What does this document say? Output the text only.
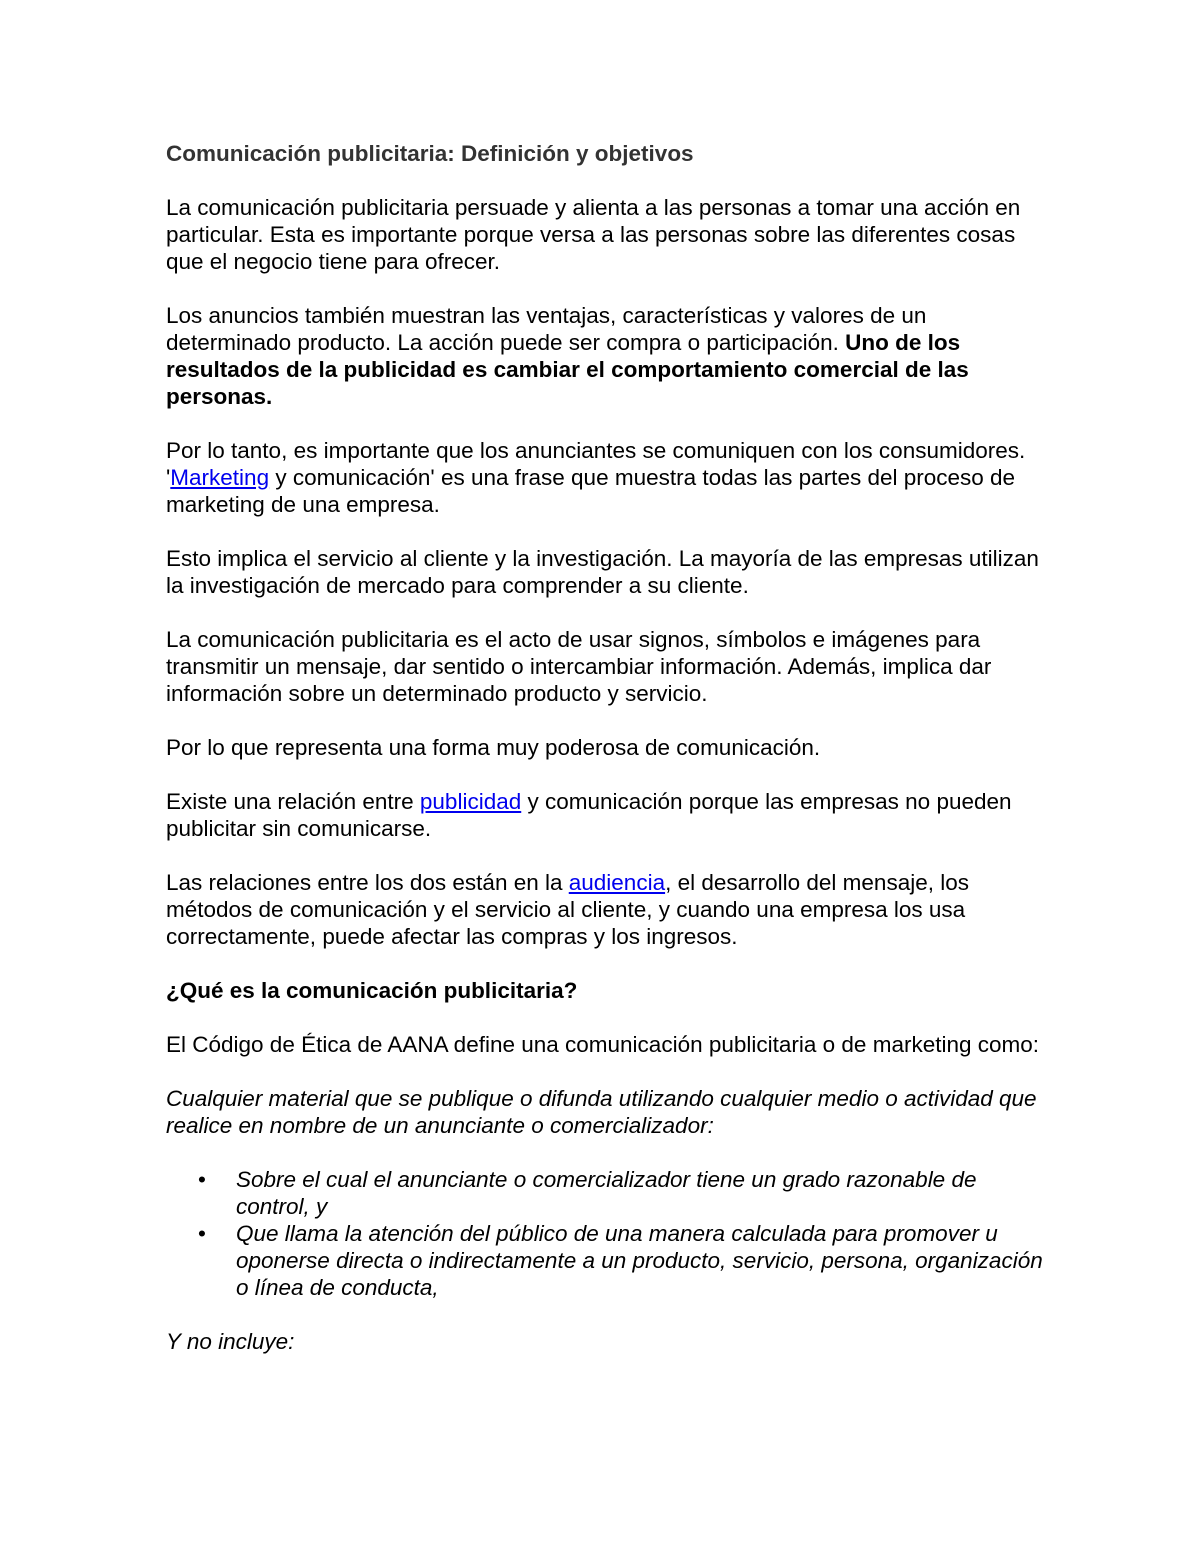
Comunicación publicitaria: Definición y objetivos

La comunicación publicitaria persuade y alienta a las personas a tomar una acción en particular. Esta es importante porque versa a las personas sobre las diferentes cosas que el negocio tiene para ofrecer.

Los anuncios también muestran las ventajas, características y valores de un determinado producto. La acción puede ser compra o participación. Uno de los resultados de la publicidad es cambiar el comportamiento comercial de las personas.

Por lo tanto, es importante que los anunciantes se comuniquen con los consumidores. 'Marketing y comunicación' es una frase que muestra todas las partes del proceso de marketing de una empresa.

Esto implica el servicio al cliente y la investigación. La mayoría de las empresas utilizan la investigación de mercado para comprender a su cliente.

La comunicación publicitaria es el acto de usar signos, símbolos e imágenes para transmitir un mensaje, dar sentido o intercambiar información. Además, implica dar información sobre un determinado producto y servicio.

Por lo que representa una forma muy poderosa de comunicación.

Existe una relación entre publicidad y comunicación porque las empresas no pueden publicitar sin comunicarse.

Las relaciones entre los dos están en la audiencia, el desarrollo del mensaje, los métodos de comunicación y el servicio al cliente, y cuando una empresa los usa correctamente, puede afectar las compras y los ingresos.

¿Qué es la comunicación publicitaria?

El Código de Ética de AANA define una comunicación publicitaria o de marketing como:

Cualquier material que se publique o difunda utilizando cualquier medio o actividad que realice en nombre de un anunciante o comercializador:

• Sobre el cual el anunciante o comercializador tiene un grado razonable de control, y
• Que llama la atención del público de una manera calculada para promover u oponerse directa o indirectamente a un producto, servicio, persona, organización o línea de conducta,

Y no incluye:
